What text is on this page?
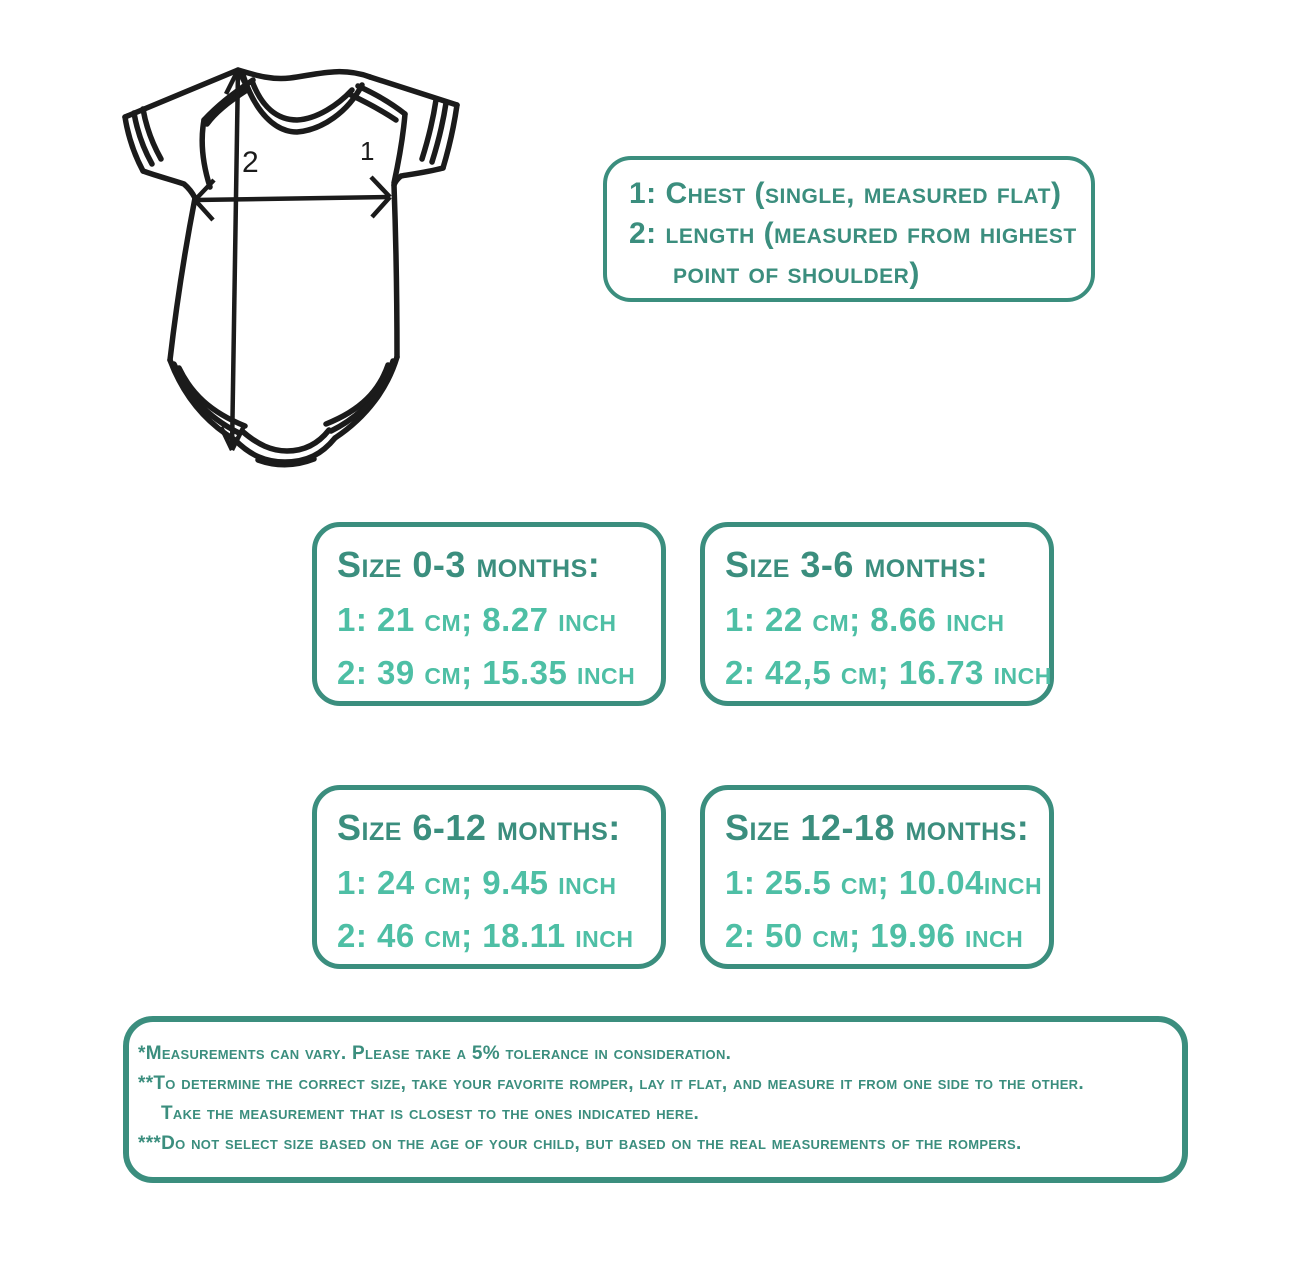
2	1
1: Chest (single, measured flat)
2: length (measured from highest
point of shoulder)
Size 0-3 months:
1: 21 cm; 8.27 inch
2: 39 cm; 15.35 inch
Size 3-6 months:
1: 22 cm; 8.66 inch
2: 42,5 cm; 16.73 inch
Size 6-12 months:
1: 24 cm; 9.45 inch
2: 46 cm; 18.11 inch
Size 12-18 months:
1: 25.5 cm; 10.04inch
2: 50 cm; 19.96 inch
*Measurements can vary. Please take a 5% tolerance in consideration.
**To determine the correct size, take your favorite romper, lay it flat, and measure it from one side to the other.
Take the measurement that is closest to the ones indicated here.
***Do not select size based on the age of your child, but based on the real measurements of the rompers.
